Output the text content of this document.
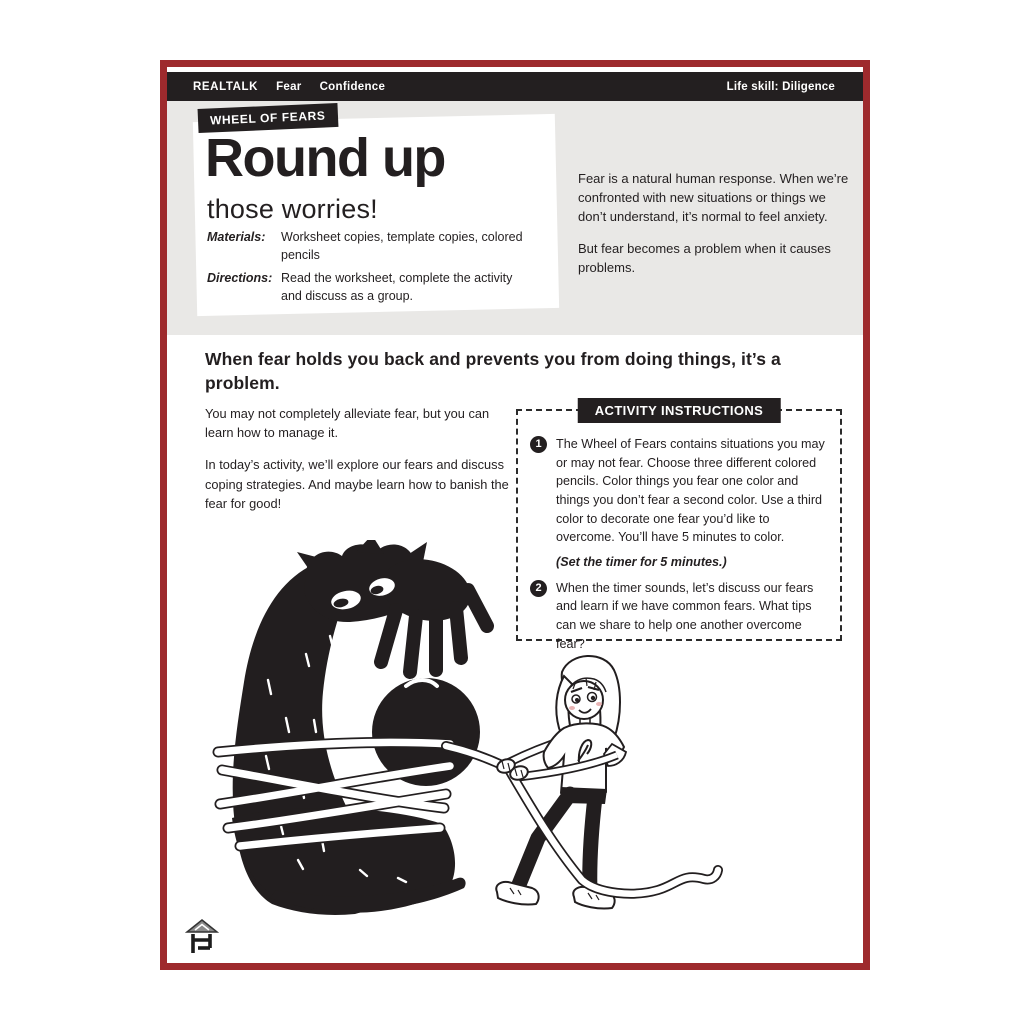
REALTALK Fear Confidence	Life skill: Diligence
WHEEL OF FEARS
Round up
those worries!
Materials:	Worksheet copies, template copies, colored pencils
Directions: Read the worksheet, complete the activity and discuss as a group.

Fear is a natural human response. When we’re confronted with new situations or things we don’t understand, it’s normal to feel anxiety.

But fear becomes a problem when it causes problems.

When fear holds you back and prevents you from doing things, it’s a problem.

You may not completely alleviate fear, but you can learn how to manage it.

In today’s activity, we’ll explore our fears and discuss coping strategies. And maybe learn how to banish the fear for good!

ACTIVITY INSTRUCTIONS
1	The Wheel of Fears contains situations you may or may not fear. Choose three different colored pencils. Color things you fear one color and things you don’t fear a second color. Use a third color to decorate one fear you’d like to overcome. You’ll have 5 minutes to color.
(Set the timer for 5 minutes.)
2	When the timer sounds, let’s discuss our fears and learn if we have common fears. What tips can we share to help one another overcome fear?
